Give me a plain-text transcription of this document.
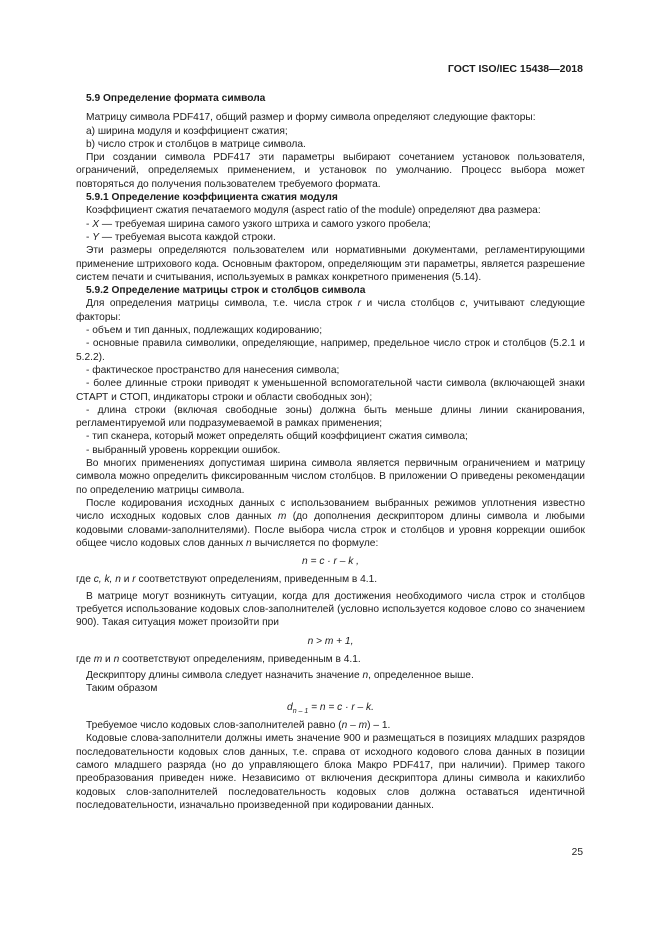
ГОСТ ISO/IEC 15438—2018

5.9 Определение формата символа

Матрицу символа PDF417, общий размер и форму символа определяют следующие факторы:

a) ширина модуля и коэффициент сжатия;

b) число строк и столбцов в матрице символа.

При создании символа PDF417 эти параметры выбирают сочетанием установок пользователя, ограничений, определяемых применением, и установок по умолчанию. Процесс выбора может повторяться до получения пользователем требуемого формата.

5.9.1 Определение коэффициента сжатия модуля

Коэффициент сжатия печатаемого модуля (aspect ratio of the module) определяют два размера:

- X — требуемая ширина самого узкого штриха и самого узкого пробела;

- Y — требуемая высота каждой строки.

Эти размеры определяются пользователем или нормативными документами, регламентирующими применение штрихового кода. Основным фактором, определяющим эти параметры, является разрешение систем печати и считывания, используемых в рамках конкретного применения (5.14).

5.9.2 Определение матрицы строк и столбцов символа

Для определения матрицы символа, т.е. числа строк r и числа столбцов c, учитывают следующие факторы:

- объем и тип данных, подлежащих кодированию;

- основные правила символики, определяющие, например, предельное число строк и столбцов (5.2.1 и 5.2.2).

- фактическое пространство для нанесения символа;

- более длинные строки приводят к уменьшенной вспомогательной части символа (включающей знаки СТАРТ и СТОП, индикаторы строки и области свободных зон);

- длина строки (включая свободные зоны) должна быть меньше длины линии сканирования, регламентируемой или подразумеваемой в рамках применения;

- тип сканера, который может определять общий коэффициент сжатия символа;

- выбранный уровень коррекции ошибок.

Во многих применениях допустимая ширина символа является первичным ограничением и матрицу символа можно определить фиксированным числом столбцов. В приложении О приведены рекомендации по определению матрицы символа.

После кодирования исходных данных с использованием выбранных режимов уплотнения известно число исходных кодовых слов данных m (до дополнения дескриптором длины символа и любыми кодовыми словами-заполнителями). После выбора числа строк и столбцов и уровня коррекции ошибок общее число кодовых слов данных n вычисляется по формуле:

n = c · r – k ,

где c, k, n и r соответствуют определениям, приведенным в 4.1.

В матрице могут возникнуть ситуации, когда для достижения необходимого числа строк и столбцов требуется использование кодовых слов-заполнителей (условно используется кодовое слово со значением 900). Такая ситуация может произойти при

n > m + 1,

где m и n соответствуют определениям, приведенным в 4.1.

Дескриптору длины символа следует назначить значение n, определенное выше.

Таким образом

$d_{n - 1} = n = c \cdot r - k$.

Требуемое число кодовых слов-заполнителей равно (n – m) – 1.

Кодовые слова-заполнители должны иметь значение 900 и размещаться в позициях младших разрядов последовательности кодовых слов данных, т.е. справа от исходного кодового слова данных в позиции самого младшего разряда (но до управляющего блока Макро PDF417, при наличии). Пример такого преобразования приведен ниже. Независимо от включения дескриптора длины символа и какихлибо кодовых слов-заполнителей последовательность кодовых слов должна оставаться идентичной последовательности, изначально произведенной при кодировании данных.

25
